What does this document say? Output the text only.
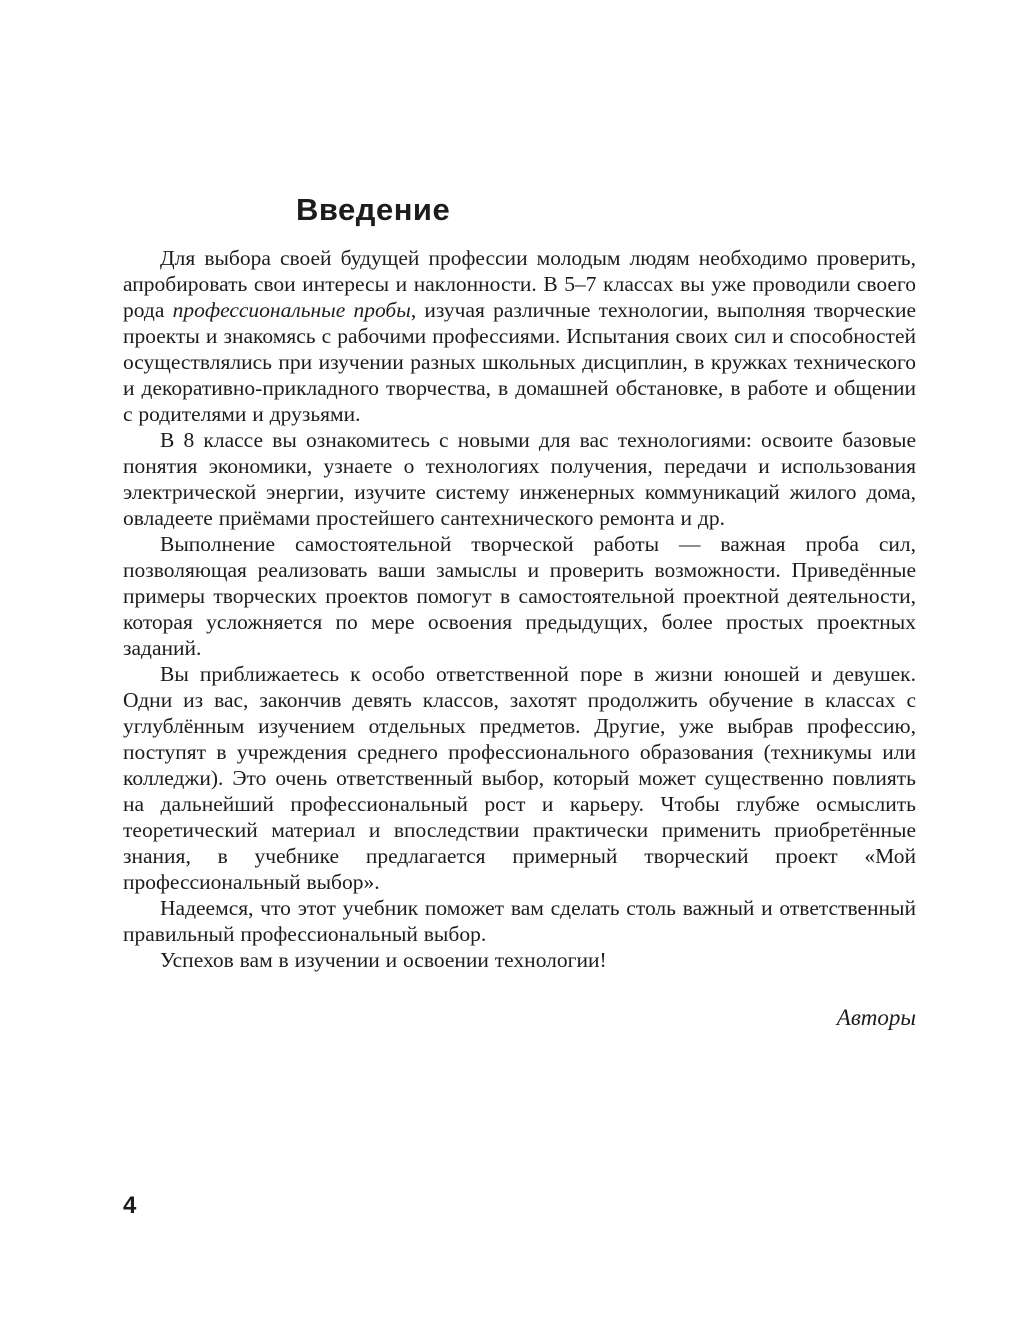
Введение

Для выбора своей будущей профессии молодым людям необходимо проверить, апробировать свои интересы и наклонности. В 5–7 классах вы уже проводили своего рода профессиональные пробы, изучая различные технологии, выполняя творческие проекты и знакомясь с рабочими профессиями. Испытания своих сил и способностей осуществлялись при изучении разных школьных дисциплин, в кружках технического и декоративно-прикладного творчества, в домашней обстановке, в работе и общении с родителями и друзьями.

В 8 классе вы ознакомитесь с новыми для вас технологиями: освоите базовые понятия экономики, узнаете о технологиях получения, передачи и использования электрической энергии, изучите систему инженерных коммуникаций жилого дома, овладеете приёмами простейшего сантехнического ремонта и др.

Выполнение самостоятельной творческой работы — важная проба сил, позволяющая реализовать ваши замыслы и проверить возможности. Приведённые примеры творческих проектов помогут в самостоятельной проектной деятельности, которая усложняется по мере освоения предыдущих, более простых проектных заданий.

Вы приближаетесь к особо ответственной поре в жизни юношей и девушек. Одни из вас, закончив девять классов, захотят продолжить обучение в классах с углублённым изучением отдельных предметов. Другие, уже выбрав профессию, поступят в учреждения среднего профессионального образования (техникумы или колледжи). Это очень ответственный выбор, который может существенно повлиять на дальнейший профессиональный рост и карьеру. Чтобы глубже осмыслить теоретический материал и впоследствии практически применить приобретённые знания, в учебнике предлагается примерный творческий проект «Мой профессиональный выбор».

Надеемся, что этот учебник поможет вам сделать столь важный и ответственный правильный профессиональный выбор.

Успехов вам в изучении и освоении технологии!

Авторы
4
